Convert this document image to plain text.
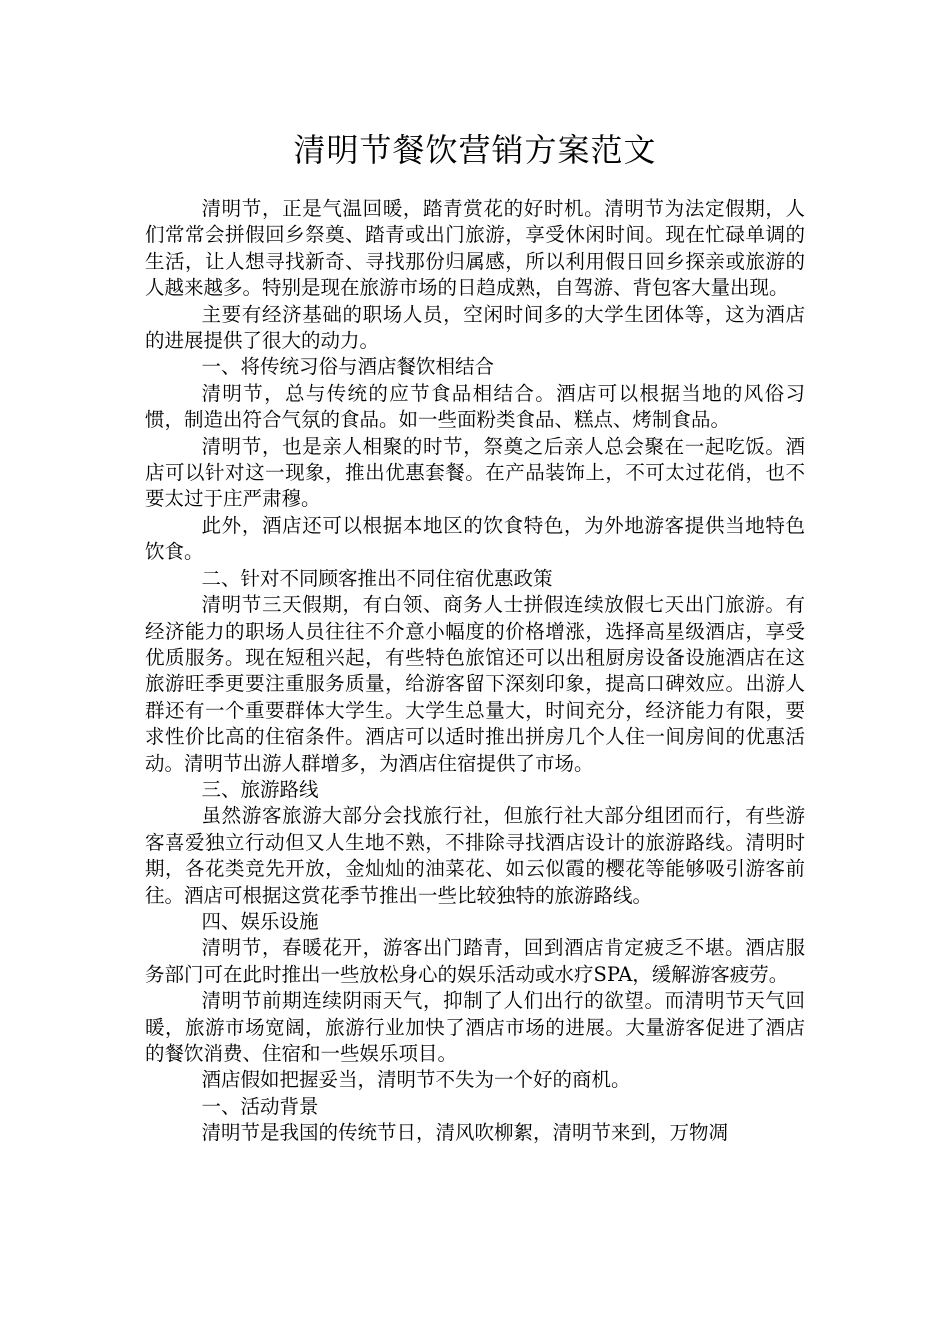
清明节餐饮营销方案范文

清明节，正是气温回暖，踏青赏花的好时机。清明节为法定假期，人们常常会拼假回乡祭奠、踏青或出门旅游，享受休闲时间。现在忙碌单调的生活，让人想寻找新奇、寻找那份归属感，所以利用假日回乡探亲或旅游的人越来越多。特别是现在旅游市场的日趋成熟，自驾游、背包客大量出现。

主要有经济基础的职场人员，空闲时间多的大学生团体等，这为酒店的进展提供了很大的动力。

一、将传统习俗与酒店餐饮相结合

清明节，总与传统的应节食品相结合。酒店可以根据当地的风俗习惯，制造出符合气氛的食品。如一些面粉类食品、糕点、烤制食品。

清明节，也是亲人相聚的时节，祭奠之后亲人总会聚在一起吃饭。酒店可以针对这一现象，推出优惠套餐。在产品装饰上，不可太过花俏，也不要太过于庄严肃穆。

此外，酒店还可以根据本地区的饮食特色，为外地游客提供当地特色饮食。

二、针对不同顾客推出不同住宿优惠政策

清明节三天假期，有白领、商务人士拼假连续放假七天出门旅游。有经济能力的职场人员往往不介意小幅度的价格增涨，选择高星级酒店，享受优质服务。现在短租兴起，有些特色旅馆还可以出租厨房设备设施酒店在这旅游旺季更要注重服务质量，给游客留下深刻印象，提高口碑效应。出游人群还有一个重要群体大学生。大学生总量大，时间充分，经济能力有限，要求性价比高的住宿条件。酒店可以适时推出拼房几个人住一间房间的优惠活动。清明节出游人群增多，为酒店住宿提供了市场。

三、旅游路线

虽然游客旅游大部分会找旅行社，但旅行社大部分组团而行，有些游客喜爱独立行动但又人生地不熟，不排除寻找酒店设计的旅游路线。清明时期，各花类竞先开放，金灿灿的油菜花、如云似霞的樱花等能够吸引游客前往。酒店可根据这赏花季节推出一些比较独特的旅游路线。

四、娱乐设施

清明节，春暖花开，游客出门踏青，回到酒店肯定疲乏不堪。酒店服务部门可在此时推出一些放松身心的娱乐活动或水疗SPA，缓解游客疲劳。

清明节前期连续阴雨天气，抑制了人们出行的欲望。而清明节天气回暖，旅游市场宽阔，旅游行业加快了酒店市场的进展。大量游客促进了酒店的餐饮消费、住宿和一些娱乐项目。

酒店假如把握妥当，清明节不失为一个好的商机。

一、活动背景

清明节是我国的传统节日，清风吹柳絮，清明节来到，万物凋
